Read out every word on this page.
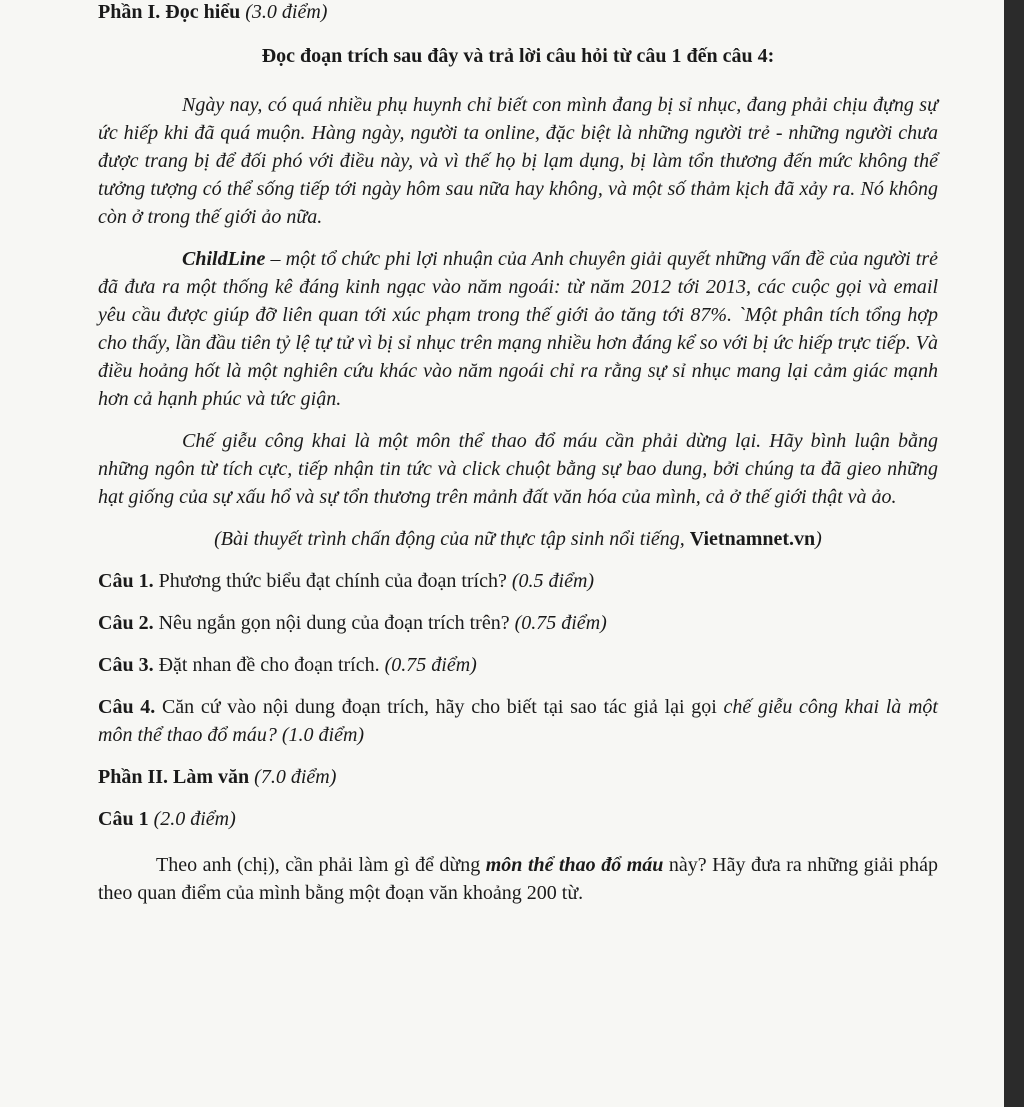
Phần I. Đọc hiểu (3.0 điểm)

Đọc đoạn trích sau đây và trả lời câu hỏi từ câu 1 đến câu 4:

Ngày nay, có quá nhiều phụ huynh chỉ biết con mình đang bị sỉ nhục, đang phải chịu đựng sự ức hiếp khi đã quá muộn. Hàng ngày, người ta online, đặc biệt là những người trẻ - những người chưa được trang bị để đối phó với điều này, và vì thế họ bị lạm dụng, bị làm tổn thương đến mức không thể tưởng tượng có thể sống tiếp tới ngày hôm sau nữa hay không, và một số thảm kịch đã xảy ra. Nó không còn ở trong thế giới ảo nữa.

ChildLine – một tổ chức phi lợi nhuận của Anh chuyên giải quyết những vấn đề của người trẻ đã đưa ra một thống kê đáng kinh ngạc vào năm ngoái: từ năm 2012 tới 2013, các cuộc gọi và email yêu cầu được giúp đỡ liên quan tới xúc phạm trong thế giới ảo tăng tới 87%. `Một phân tích tổng hợp cho thấy, lần đầu tiên tỷ lệ tự tử vì bị sỉ nhục trên mạng nhiều hơn đáng kể so với bị ức hiếp trực tiếp. Và điều hoảng hốt là một nghiên cứu khác vào năm ngoái chỉ ra rằng sự sỉ nhục mang lại cảm giác mạnh hơn cả hạnh phúc và tức giận.

Chế giễu công khai là một môn thể thao đổ máu cần phải dừng lại. Hãy bình luận bằng những ngôn từ tích cực, tiếp nhận tin tức và click chuột bằng sự bao dung, bởi chúng ta đã gieo những hạt giống của sự xấu hổ và sự tổn thương trên mảnh đất văn hóa của mình, cả ở thế giới thật và ảo.

(Bài thuyết trình chấn động của nữ thực tập sinh nổi tiếng, Vietnamnet.vn)

Câu 1. Phương thức biểu đạt chính của đoạn trích? (0.5 điểm)

Câu 2. Nêu ngắn gọn nội dung của đoạn trích trên? (0.75 điểm)

Câu 3. Đặt nhan đề cho đoạn trích. (0.75 điểm)

Câu 4. Căn cứ vào nội dung đoạn trích, hãy cho biết tại sao tác giả lại gọi chế giễu công khai là một môn thể thao đổ máu? (1.0 điểm)

Phần II. Làm văn (7.0 điểm)

Câu 1 (2.0 điểm)

Theo anh (chị), cần phải làm gì để dừng môn thể thao đổ máu này? Hãy đưa ra những giải pháp theo quan điểm của mình bằng một đoạn văn khoảng 200 từ.
